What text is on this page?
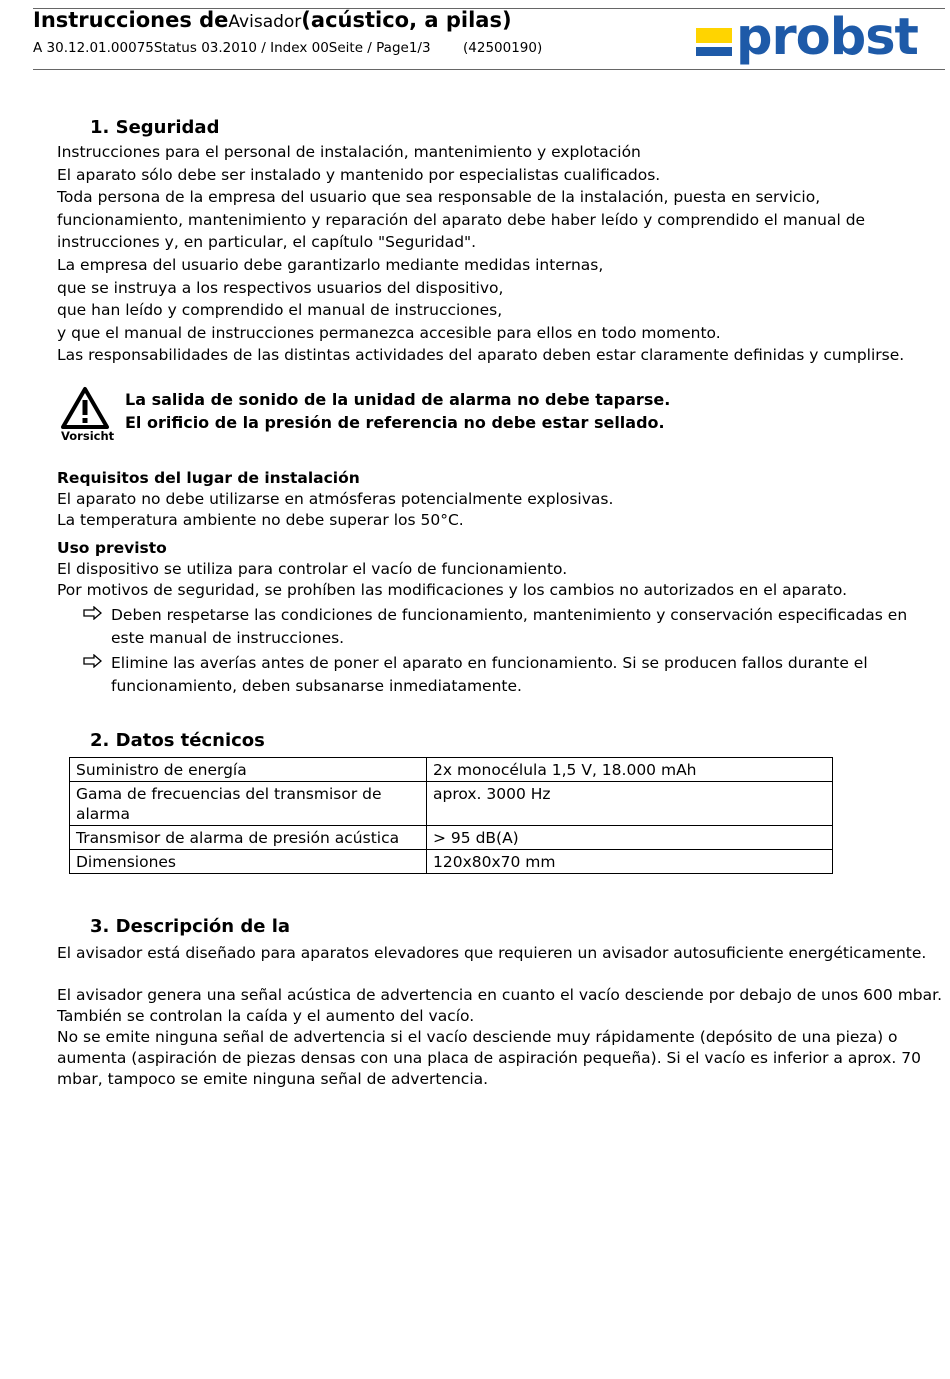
Instrucciones deAvisador(acústico, a pilas)
A 30.12.01.00075Status 03.2010 / Index 00Seite / Page1/3 (42500190)	probst
1. Seguridad
Instrucciones para el personal de instalación, mantenimiento y explotación
El aparato sólo debe ser instalado y mantenido por especialistas cualificados.
Toda persona de la empresa del usuario que sea responsable de la instalación, puesta en servicio, funcionamiento, mantenimiento y reparación del aparato debe haber leído y comprendido el manual de instrucciones y, en particular, el capítulo "Seguridad".
La empresa del usuario debe garantizarlo mediante medidas internas,
que se instruya a los respectivos usuarios del dispositivo,
que han leído y comprendido el manual de instrucciones,
y que el manual de instrucciones permanezca accesible para ellos en todo momento.
Las responsabilidades de las distintas actividades del aparato deben estar claramente definidas y cumplirse.
Vorsicht
La salida de sonido de la unidad de alarma no debe taparse.
El orificio de la presión de referencia no debe estar sellado.
Requisitos del lugar de instalación
El aparato no debe utilizarse en atmósferas potencialmente explosivas.
La temperatura ambiente no debe superar los 50°C.
Uso previsto
El dispositivo se utiliza para controlar el vacío de funcionamiento.
Por motivos de seguridad, se prohíben las modificaciones y los cambios no autorizados en el aparato.
Deben respetarse las condiciones de funcionamiento, mantenimiento y conservación especificadas en este manual de instrucciones.
Elimine las averías antes de poner el aparato en funcionamiento. Si se producen fallos durante el funcionamiento, deben subsanarse inmediatamente.
2. Datos técnicos
Suministro de energía	2x monocélula 1,5 V, 18.000 mAh
Gama de frecuencias del transmisor de alarma	aprox. 3000 Hz
Transmisor de alarma de presión acústica	> 95 dB(A)
Dimensiones	120x80x70 mm
3. Descripción de la
El avisador está diseñado para aparatos elevadores que requieren un avisador autosuficiente energéticamente.
El avisador genera una señal acústica de advertencia en cuanto el vacío desciende por debajo de unos 600 mbar. También se controlan la caída y el aumento del vacío.
No se emite ninguna señal de advertencia si el vacío desciende muy rápidamente (depósito de una pieza) o aumenta (aspiración de piezas densas con una placa de aspiración pequeña). Si el vacío es inferior a aprox. 70 mbar, tampoco se emite ninguna señal de advertencia.
